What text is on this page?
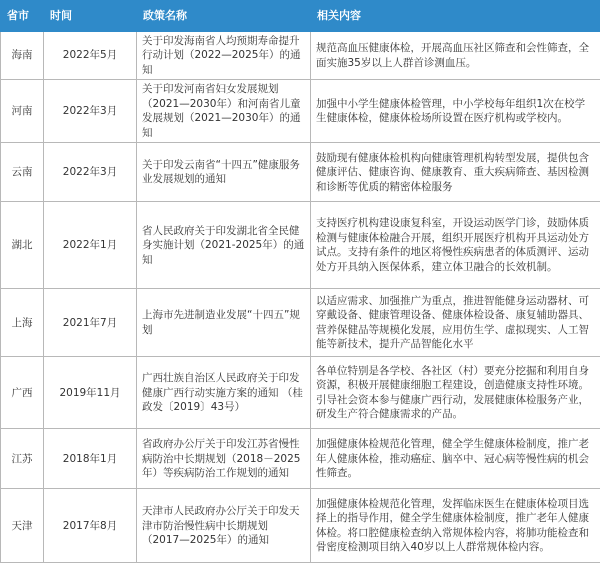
省市	时间	政策名称	相关内容
海南	2022年5月	关于印发海南省人均预期寿命提升行动计划（2022—2025年）的通知	规范高血压健康体检，开展高血压社区筛查和会性筛查，全面实施35岁以上人群首诊测血压。
河南	2022年3月	关于印发河南省妇女发展规划（2021—2030年）和河南省儿童发展规划（2021—2030年）的通知	加强中小学生健康体检管理，中小学校每年组织1次在校学生健康体检，健康体检场所设置在医疗机构或学校内。
云南	2022年3月	关于印发云南省“十四五”健康服务业发展规划的通知	鼓励现有健康体检机构向健康管理机构转型发展，提供包含健康评估、健康咨询、健康教育、重大疾病筛查、基因检测和诊断等优质的精密体检服务
湖北	2022年1月	省人民政府关于印发湖北省全民健身实施计划（2021-2025年）的通知	支持医疗机构建设康复科室，开设运动医学门诊，鼓励体质检测与健康体检融合开展，组织开展医疗机构开具运动处方试点。支持有条件的地区将慢性疾病患者的体质测评、运动处方开具纳入医保体系，建立体卫融合的长效机制。
上海	2021年7月	上海市先进制造业发展“十四五”规划	以适应需求、加强推广为重点，推进智能健身运动器材、可穿戴设备、健康管理设备、健康体检设备、康复辅助器具、营养保健品等规模化发展，应用仿生学、虚拟现实、人工智能等新技术，提升产品智能化水平
广西	2019年11月	广西壮族自治区人民政府关于印发 健康广西行动实施方案的通知 （桂政发〔2019〕43号）	各单位特别是各学校、各社区（村）要充分挖掘和利用自身资源，积极开展健康细胞工程建设，创造健康支持性环境。引导社会资本参与健康广西行动，发展健康体检服务产业，研发生产符合健康需求的产品。
江苏	2018年1月	省政府办公厅关于印发江苏省慢性病防治中长期规划（2018－2025年）等疾病防治工作规划的通知	加强健康体检规范化管理，健全学生健康体检制度，推广老年人健康体检，推动癌症、脑卒中、冠心病等慢性病的机会性筛查。
天津	2017年8月	天津市人民政府办公厅关于印发天津市防治慢性病中长期规划（2017—2025年）的通知	加强健康体检规范化管理，发挥临床医生在健康体检项目选择上的指导作用，健全学生健康体检制度，推广老年人健康体检。将口腔健康检查纳入常规体检内容，将肺功能检查和骨密度检测项目纳入40岁以上人群常规体检内容。
